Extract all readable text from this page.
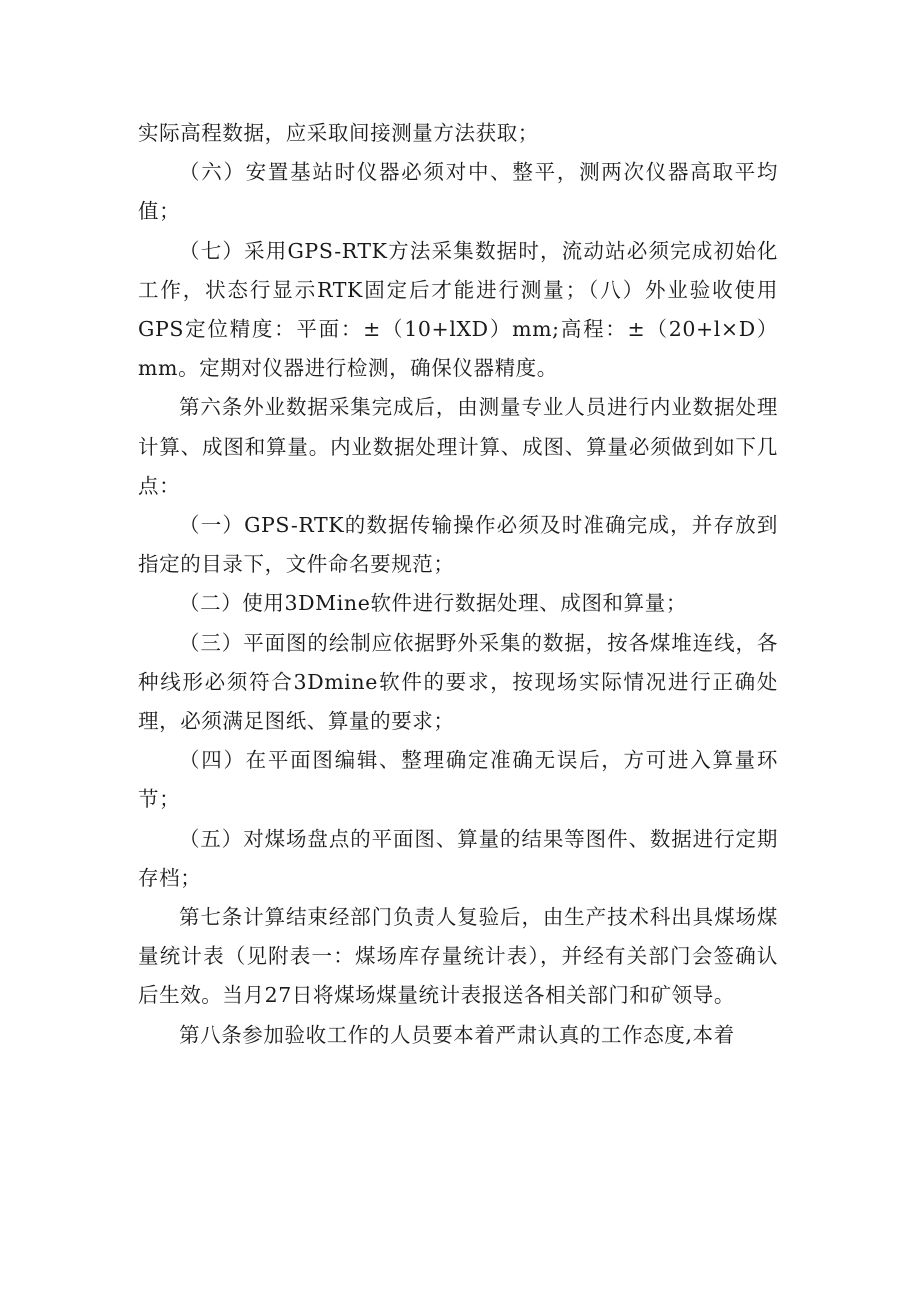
实际高程数据，应采取间接测量方法获取；

（六）安置基站时仪器必须对中、整平，测两次仪器高取平均值；

（七）采用GPS-RTK方法采集数据时，流动站必须完成初始化工作，状态行显示RTK固定后才能进行测量；（八）外业验收使用GPS定位精度：平面：±（10+lXD）mm;高程：±（20+l×D）mm。定期对仪器进行检测，确保仪器精度。

第六条外业数据采集完成后，由测量专业人员进行内业数据处理计算、成图和算量。内业数据处理计算、成图、算量必须做到如下几点：

（一）GPS-RTK的数据传输操作必须及时准确完成，并存放到指定的目录下，文件命名要规范；

（二）使用3DMine软件进行数据处理、成图和算量；

（三）平面图的绘制应依据野外采集的数据，按各煤堆连线，各种线形必须符合3Dmine软件的要求，按现场实际情况进行正确处理，必须满足图纸、算量的要求；

（四）在平面图编辑、整理确定准确无误后，方可进入算量环节；

（五）对煤场盘点的平面图、算量的结果等图件、数据进行定期存档；

第七条计算结束经部门负责人复验后，由生产技术科出具煤场煤量统计表（见附表一：煤场库存量统计表），并经有关部门会签确认后生效。当月27日将煤场煤量统计表报送各相关部门和矿领导。

第八条参加验收工作的人员要本着严肃认真的工作态度,本着
